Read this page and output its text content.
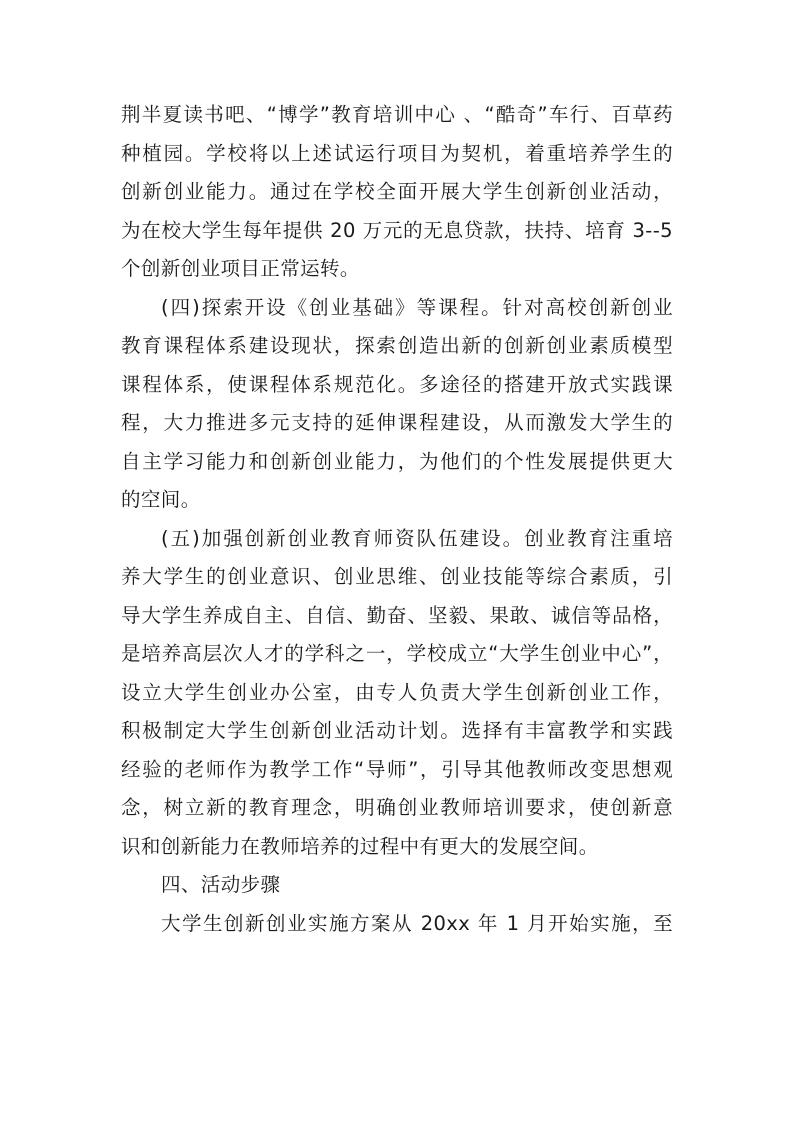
荆半夏读书吧、“博学”教育培训中心 、“酷奇”车行、百草药
种植园。学校将以上述试运行项目为契机，着重培养学生的
创新创业能力。通过在学校全面开展大学生创新创业活动，
为在校大学生每年提供 20 万元的无息贷款，扶持、培育 3--5
个创新创业项目正常运转。
(四)探索开设《创业基础》等课程。针对高校创新创业
教育课程体系建设现状，探索创造出新的创新创业素质模型
课程体系，使课程体系规范化。多途径的搭建开放式实践课
程，大力推进多元支持的延伸课程建设，从而激发大学生的
自主学习能力和创新创业能力，为他们的个性发展提供更大
的空间。
(五)加强创新创业教育师资队伍建设。创业教育注重培
养大学生的创业意识、创业思维、创业技能等综合素质，引
导大学生养成自主、自信、勤奋、坚毅、果敢、诚信等品格，
是培养高层次人才的学科之一，学校成立“大学生创业中心”，
设立大学生创业办公室，由专人负责大学生创新创业工作，
积极制定大学生创新创业活动计划。选择有丰富教学和实践
经验的老师作为教学工作“导师”，引导其他教师改变思想观
念，树立新的教育理念，明确创业教师培训要求，使创新意
识和创新能力在教师培养的过程中有更大的发展空间。
四、活动步骤
大学生创新创业实施方案从 20xx 年 1 月开始实施，至
